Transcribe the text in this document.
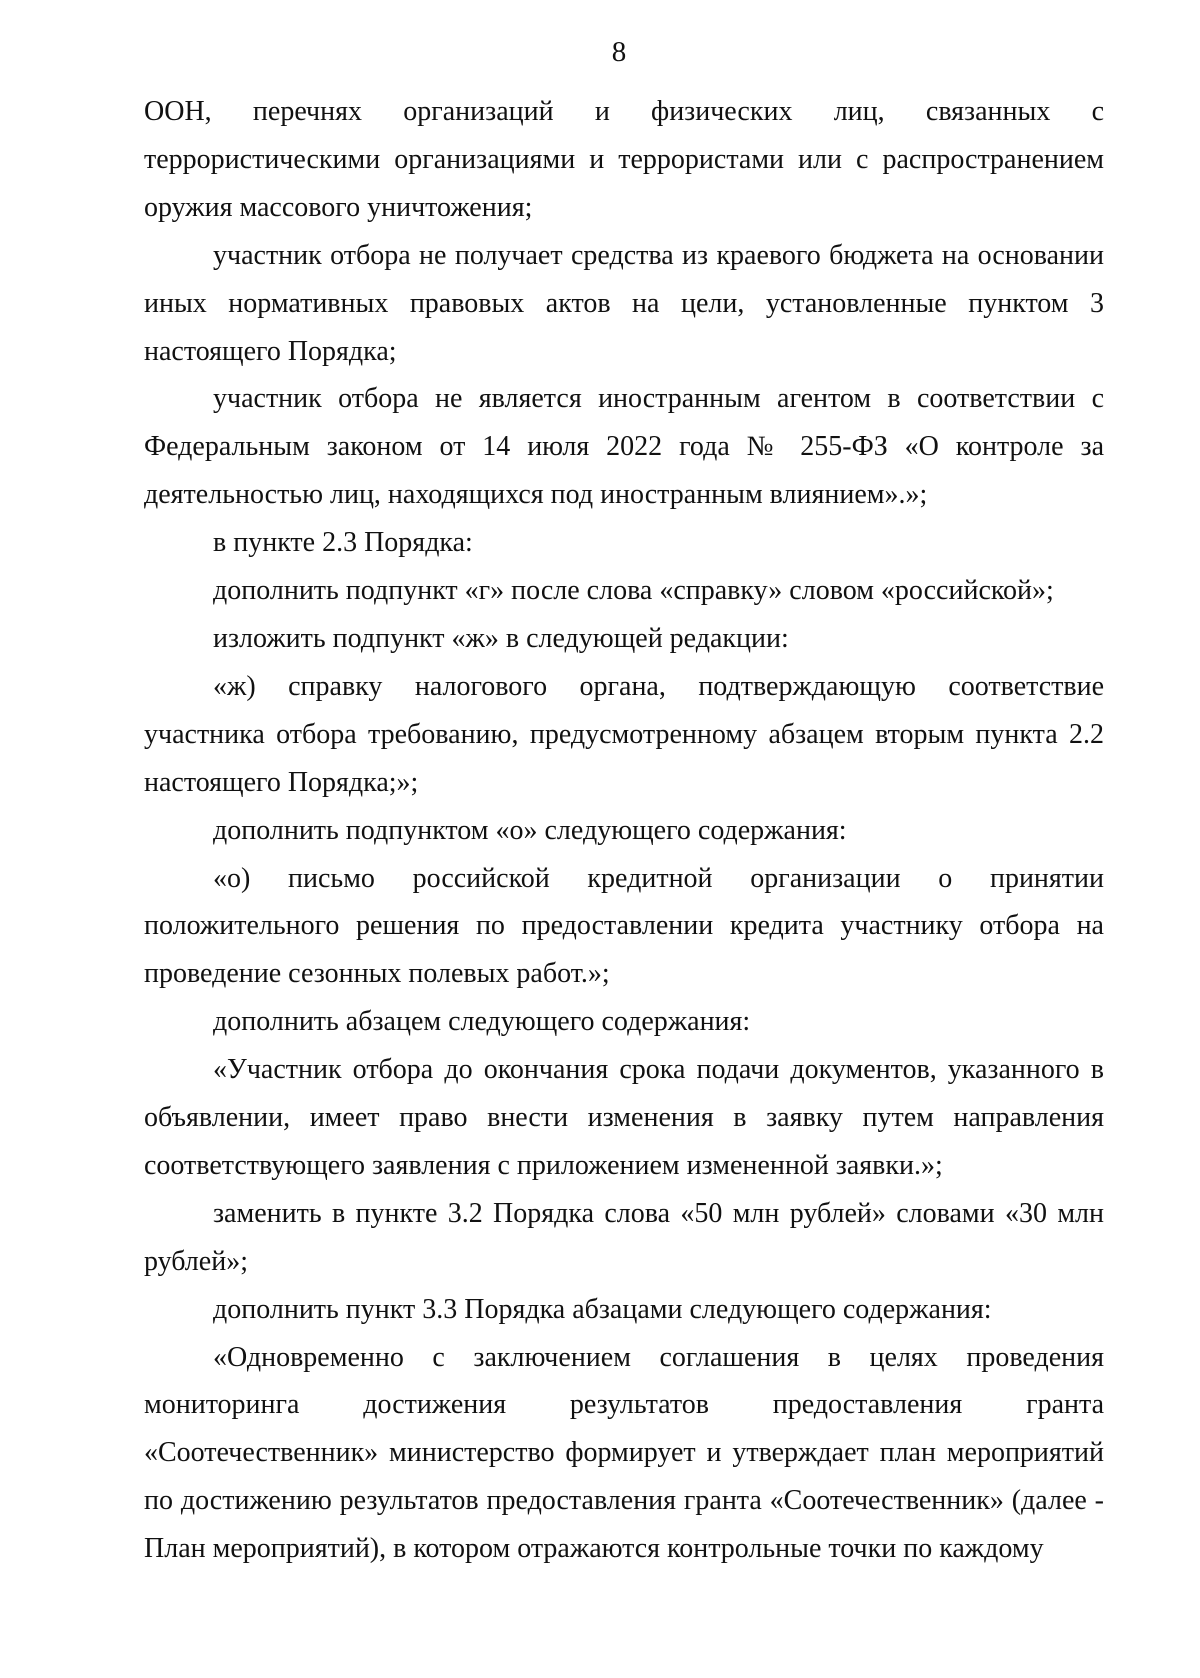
8

ООН, перечнях организаций и физических лиц, связанных с террористическими организациями и террористами или с распространением оружия массового уничтожения;

участник отбора не получает средства из краевого бюджета на основании иных нормативных правовых актов на цели, установленные пунктом 3 настоящего Порядка;

участник отбора не является иностранным агентом в соответствии с Федеральным законом от 14 июля 2022 года № 255-ФЗ «О контроле за деятельностью лиц, находящихся под иностранным влиянием».»;

в пункте 2.3 Порядка:

дополнить подпункт «г» после слова «справку» словом «российской»;

изложить подпункт «ж» в следующей редакции:

«ж) справку налогового органа, подтверждающую соответствие участника отбора требованию, предусмотренному абзацем вторым пункта 2.2 настоящего Порядка;»;

дополнить подпунктом «о» следующего содержания:

«о) письмо российской кредитной организации о принятии положительного решения по предоставлении кредита участнику отбора на проведение сезонных полевых работ.»;

дополнить абзацем следующего содержания:

«Участник отбора до окончания срока подачи документов, указанного в объявлении, имеет право внести изменения в заявку путем направления соответствующего заявления с приложением измененной заявки.»;

заменить в пункте 3.2 Порядка слова «50 млн рублей» словами «30 млн рублей»;

дополнить пункт 3.3 Порядка абзацами следующего содержания:

«Одновременно с заключением соглашения в целях проведения мониторинга достижения результатов предоставления гранта «Соотечественник» министерство формирует и утверждает план мероприятий по достижению результатов предоставления гранта «Соотечественник» (далее - План мероприятий), в котором отражаются контрольные точки по каждому
